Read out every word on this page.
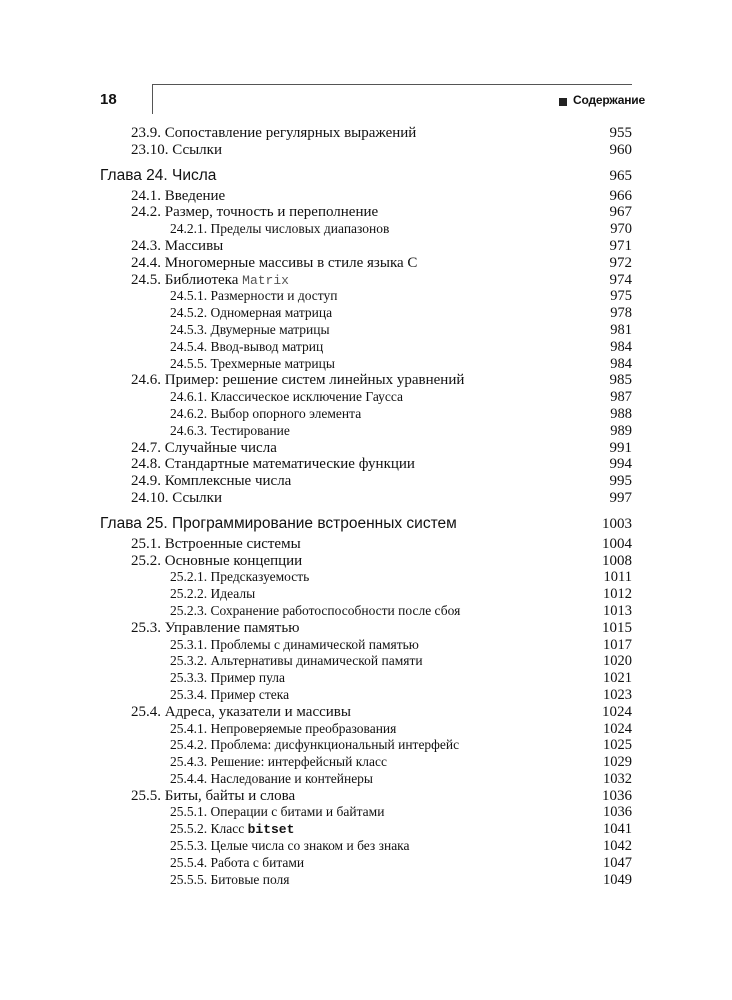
18	Содержание
23.9. Сопоставление регулярных выражений	955
23.10. Ссылки	960
Глава 24. Числа	965
24.1. Введение	966
24.2. Размер, точность и переполнение	967
24.2.1. Пределы числовых диапазонов	970
24.3. Массивы	971
24.4. Многомерные массивы в стиле языка C	972
24.5. Библиотека Matrix	974
24.5.1. Размерности и доступ	975
24.5.2. Одномерная матрица	978
24.5.3. Двумерные матрицы	981
24.5.4. Ввод-вывод матриц	984
24.5.5. Трехмерные матрицы	984
24.6. Пример: решение систем линейных уравнений	985
24.6.1. Классическое исключение Гаусса	987
24.6.2. Выбор опорного элемента	988
24.6.3. Тестирование	989
24.7. Случайные числа	991
24.8. Стандартные математические функции	994
24.9. Комплексные числа	995
24.10. Ссылки	997
Глава 25. Программирование встроенных систем	1003
25.1. Встроенные системы	1004
25.2. Основные концепции	1008
25.2.1. Предсказуемость	1011
25.2.2. Идеалы	1012
25.2.3. Сохранение работоспособности после сбоя	1013
25.3. Управление памятью	1015
25.3.1. Проблемы с динамической памятью	1017
25.3.2. Альтернативы динамической памяти	1020
25.3.3. Пример пула	1021
25.3.4. Пример стека	1023
25.4. Адреса, указатели и массивы	1024
25.4.1. Непроверяемые преобразования	1024
25.4.2. Проблема: дисфункциональный интерфейс	1025
25.4.3. Решение: интерфейсный класс	1029
25.4.4. Наследование и контейнеры	1032
25.5. Биты, байты и слова	1036
25.5.1. Операции с битами и байтами	1036
25.5.2. Класс bitset	1041
25.5.3. Целые числа со знаком и без знака	1042
25.5.4. Работа с битами	1047
25.5.5. Битовые поля	1049
